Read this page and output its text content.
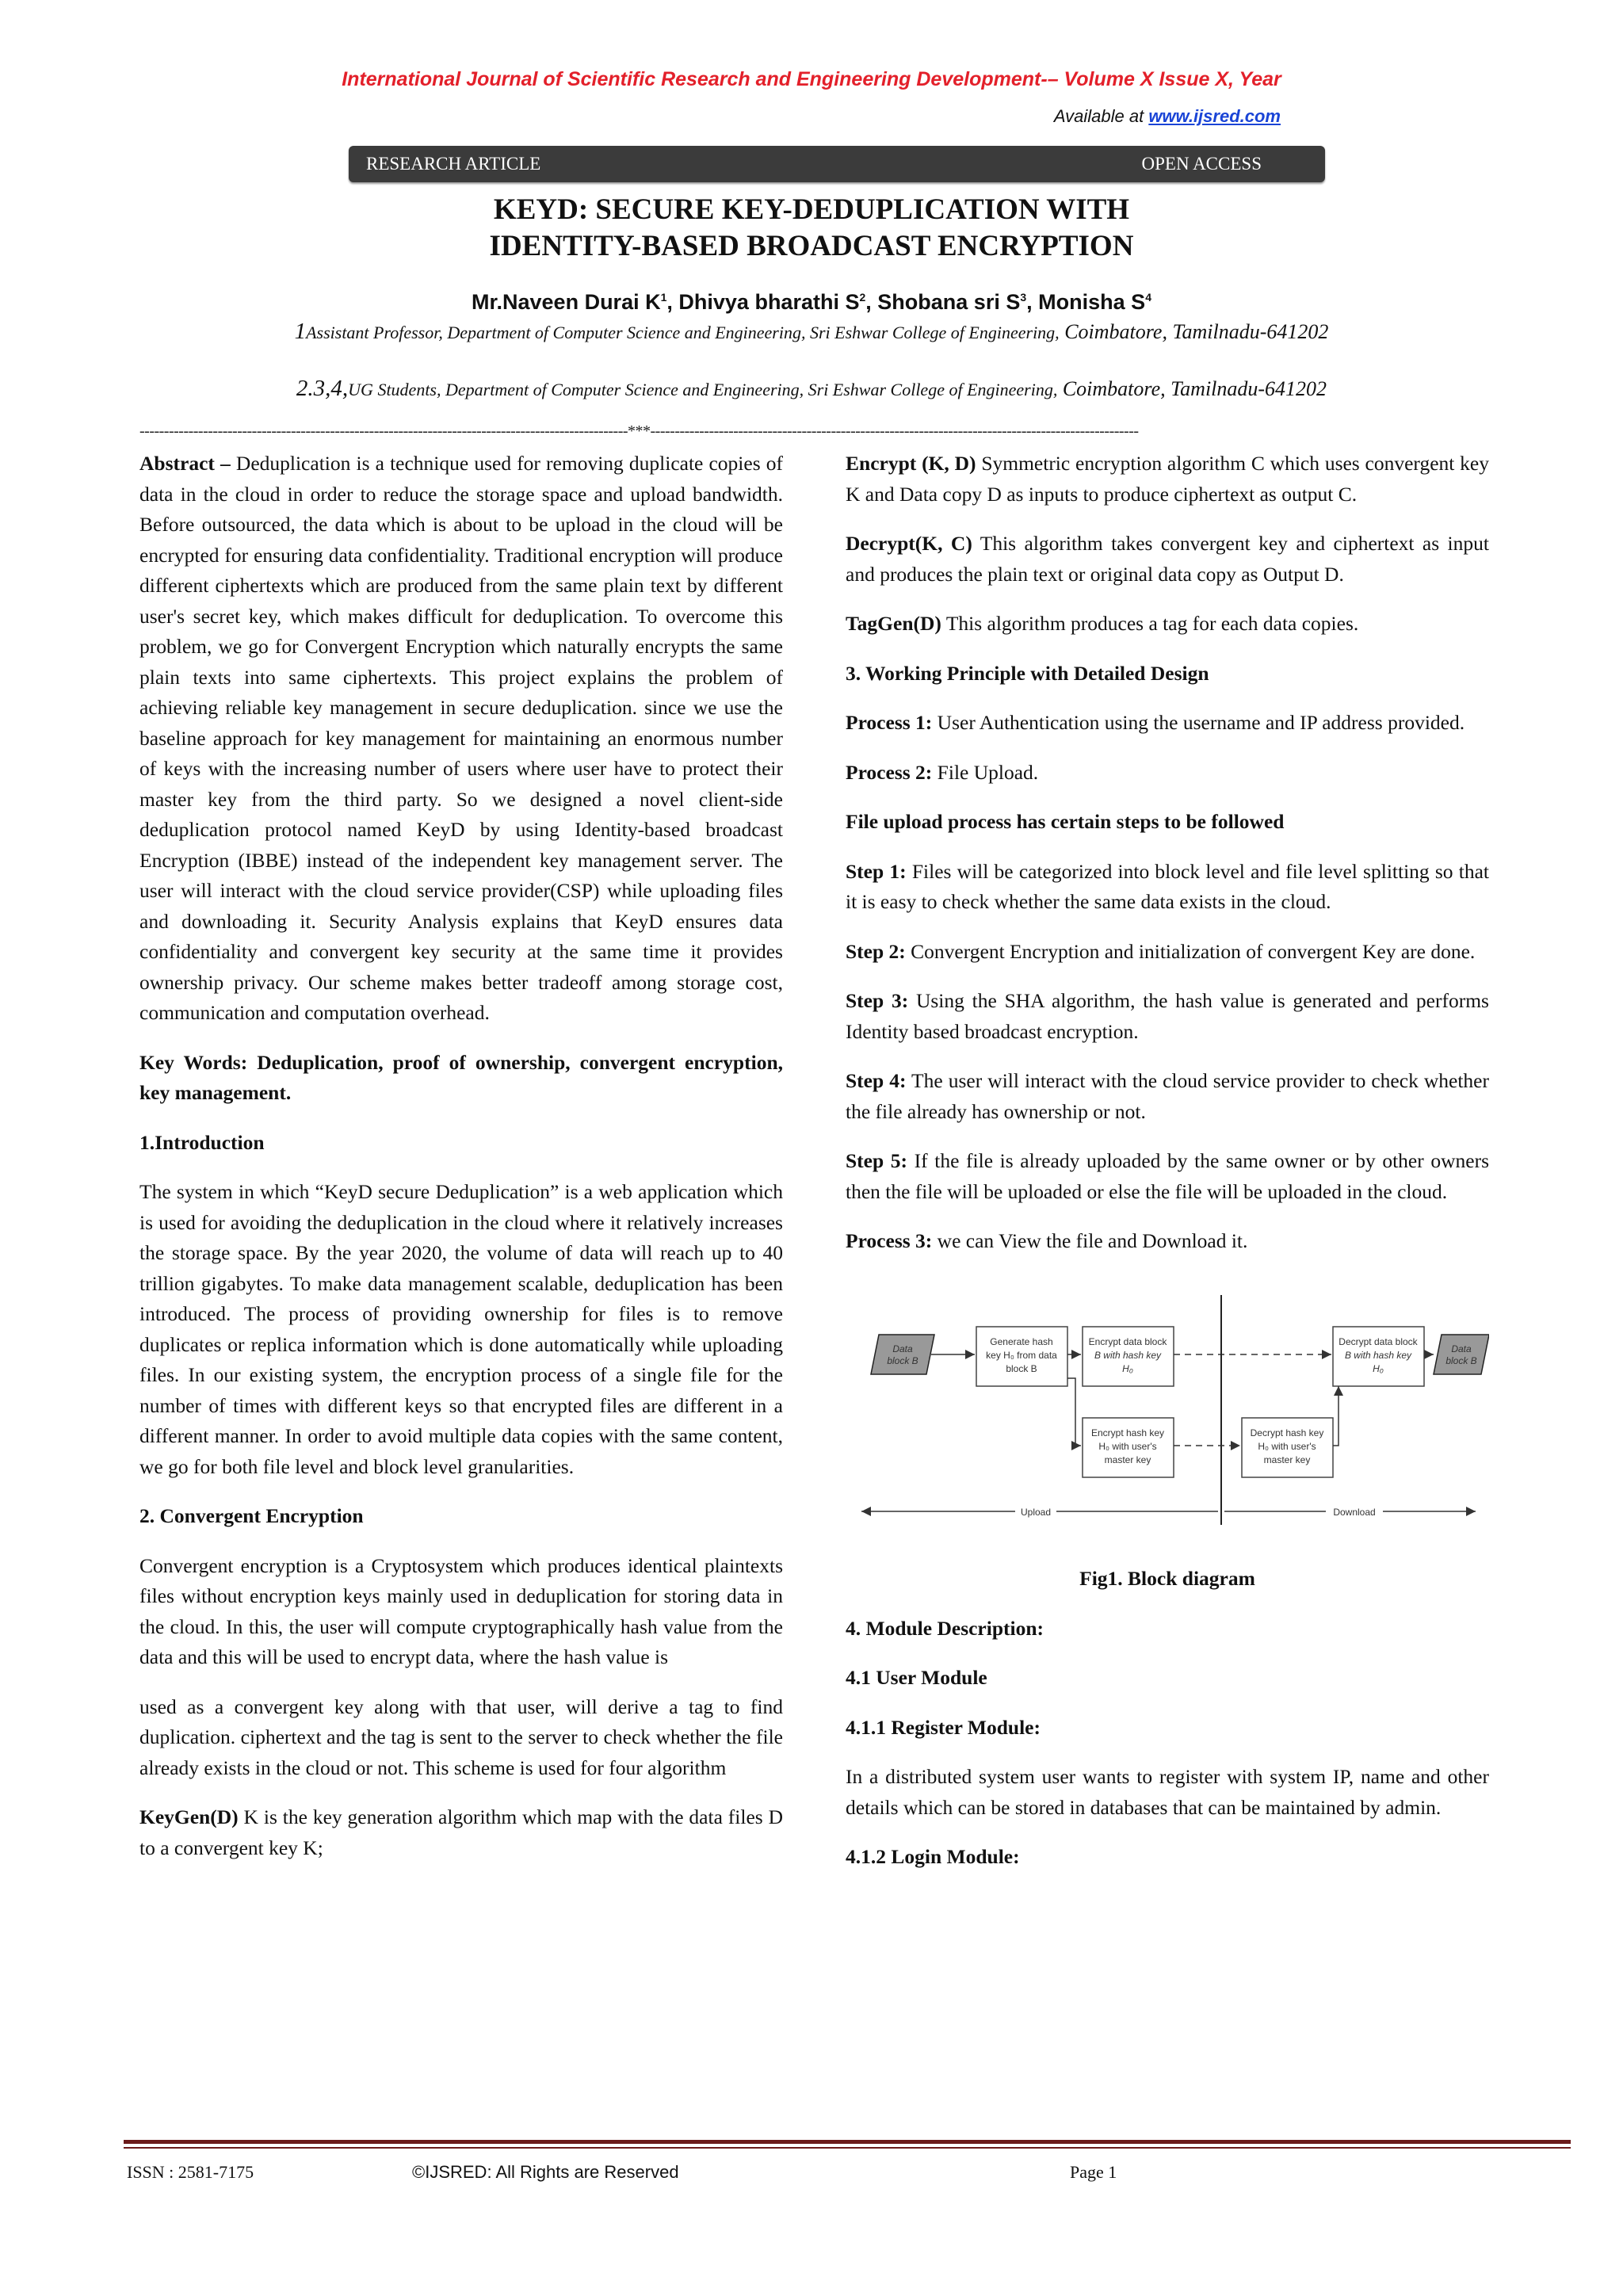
International Journal of Scientific Research and Engineering Development-– Volume X Issue X, Year
Available at www.ijsred.com
RESEARCH ARTICLE	OPEN ACCESS
KEYD: SECURE KEY-DEDUPLICATION WITH
IDENTITY-BASED BROADCAST ENCRYPTION
Mr.Naveen Durai $K^1$, Dhivya bharathi $S^2$, Shobana sri $S^3$, Monisha $S^4$
1Assistant Professor, Department of Computer Science and Engineering, Sri Eshwar College of Engineering, Coimbatore, Tamilnadu-641202
2.3,4,UG Students, Department of Computer Science and Engineering, Sri Eshwar College of Engineering, Coimbatore, Tamilnadu-641202
----------------------------------------------------------------------------------------------------***----------------------------------------------------------------------------------------------------

Abstract – Deduplication is a technique used for removing duplicate copies of data in the cloud in order to reduce the storage space and upload bandwidth. Before outsourced, the data which is about to be upload in the cloud will be encrypted for ensuring data confidentiality. Traditional encryption will produce different ciphertexts which are produced from the same plain text by different user's secret key, which makes difficult for deduplication. To overcome this problem, we go for Convergent Encryption which naturally encrypts the same plain texts into same ciphertexts. This project explains the problem of achieving reliable key management in secure deduplication. since we use the baseline approach for key management for maintaining an enormous number of keys with the increasing number of users where user have to protect their master key from the third party. So we designed a novel client-side deduplication protocol named KeyD by using Identity-based broadcast Encryption (IBBE) instead of the independent key management server. The user will interact with the cloud service provider(CSP) while uploading files and downloading it. Security Analysis explains that KeyD ensures data confidentiality and convergent key security at the same time it provides ownership privacy. Our scheme makes better tradeoff among storage cost, communication and computation overhead.

Key Words: Deduplication, proof of ownership, convergent encryption, key management.

1.Introduction

The system in which “KeyD secure Deduplication” is a web application which is used for avoiding the deduplication in the cloud where it relatively increases the storage space. By the year 2020, the volume of data will reach up to 40 trillion gigabytes. To make data management scalable, deduplication has been introduced. The process of providing ownership for files is to remove duplicates or replica information which is done automatically while uploading files. In our existing system, the encryption process of a single file for the number of times with different keys so that encrypted files are different in a different manner. In order to avoid multiple data copies with the same content, we go for both file level and block level granularities.

2. Convergent Encryption

Convergent encryption is a Cryptosystem which produces identical plaintexts files without encryption keys mainly used in deduplication for storing data in the cloud. In this, the user will compute cryptographically hash value from the data and this will be used to encrypt data, where the hash value is

used as a convergent key along with that user, will derive a tag to find duplication. ciphertext and the tag is sent to the server to check whether the file already exists in the cloud or not. This scheme is used for four algorithm

KeyGen(D) K is the key generation algorithm which map with the data files D to a convergent key K;

Encrypt (K, D) Symmetric encryption algorithm C which uses convergent key K and Data copy D as inputs to produce ciphertext as output C.

Decrypt(K, C) This algorithm takes convergent key and ciphertext as input and produces the plain text or original data copy as Output D.

TagGen(D) This algorithm produces a tag for each data copies.

3. Working Principle with Detailed Design

Process 1: User Authentication using the username and IP address provided.

Process 2: File Upload.

File upload process has certain steps to be followed

Step 1: Files will be categorized into block level and file level splitting so that it is easy to check whether the same data exists in the cloud.

Step 2: Convergent Encryption and initialization of convergent Key are done.

Step 3: Using the SHA algorithm, the hash value is generated and performs Identity based broadcast encryption.

Step 4: The user will interact with the cloud service provider to check whether the file already has ownership or not.

Step 5: If the file is already uploaded by the same owner or by other owners then the file will be uploaded or else the file will be uploaded in the cloud.

Process 3: we can View the file and Download it.

Data
block B
Generate hash
key H₀ from data
block B
Encrypt data block
B with hash key
H₀
Decrypt data block
B with hash key
H₀
Data
block B
Encrypt hash key
H₀ with user's
master key
Decrypt hash key
H₀ with user's
master key
Upload	Download

Fig1. Block diagram

4. Module Description:
4.1 User Module
4.1.1 Register Module:

In a distributed system user wants to register with system IP, name and other details which can be stored in databases that can be maintained by admin.

4.1.2 Login Module:
ISSN : 2581-7175	©IJSRED: All Rights are Reserved	Page 1
